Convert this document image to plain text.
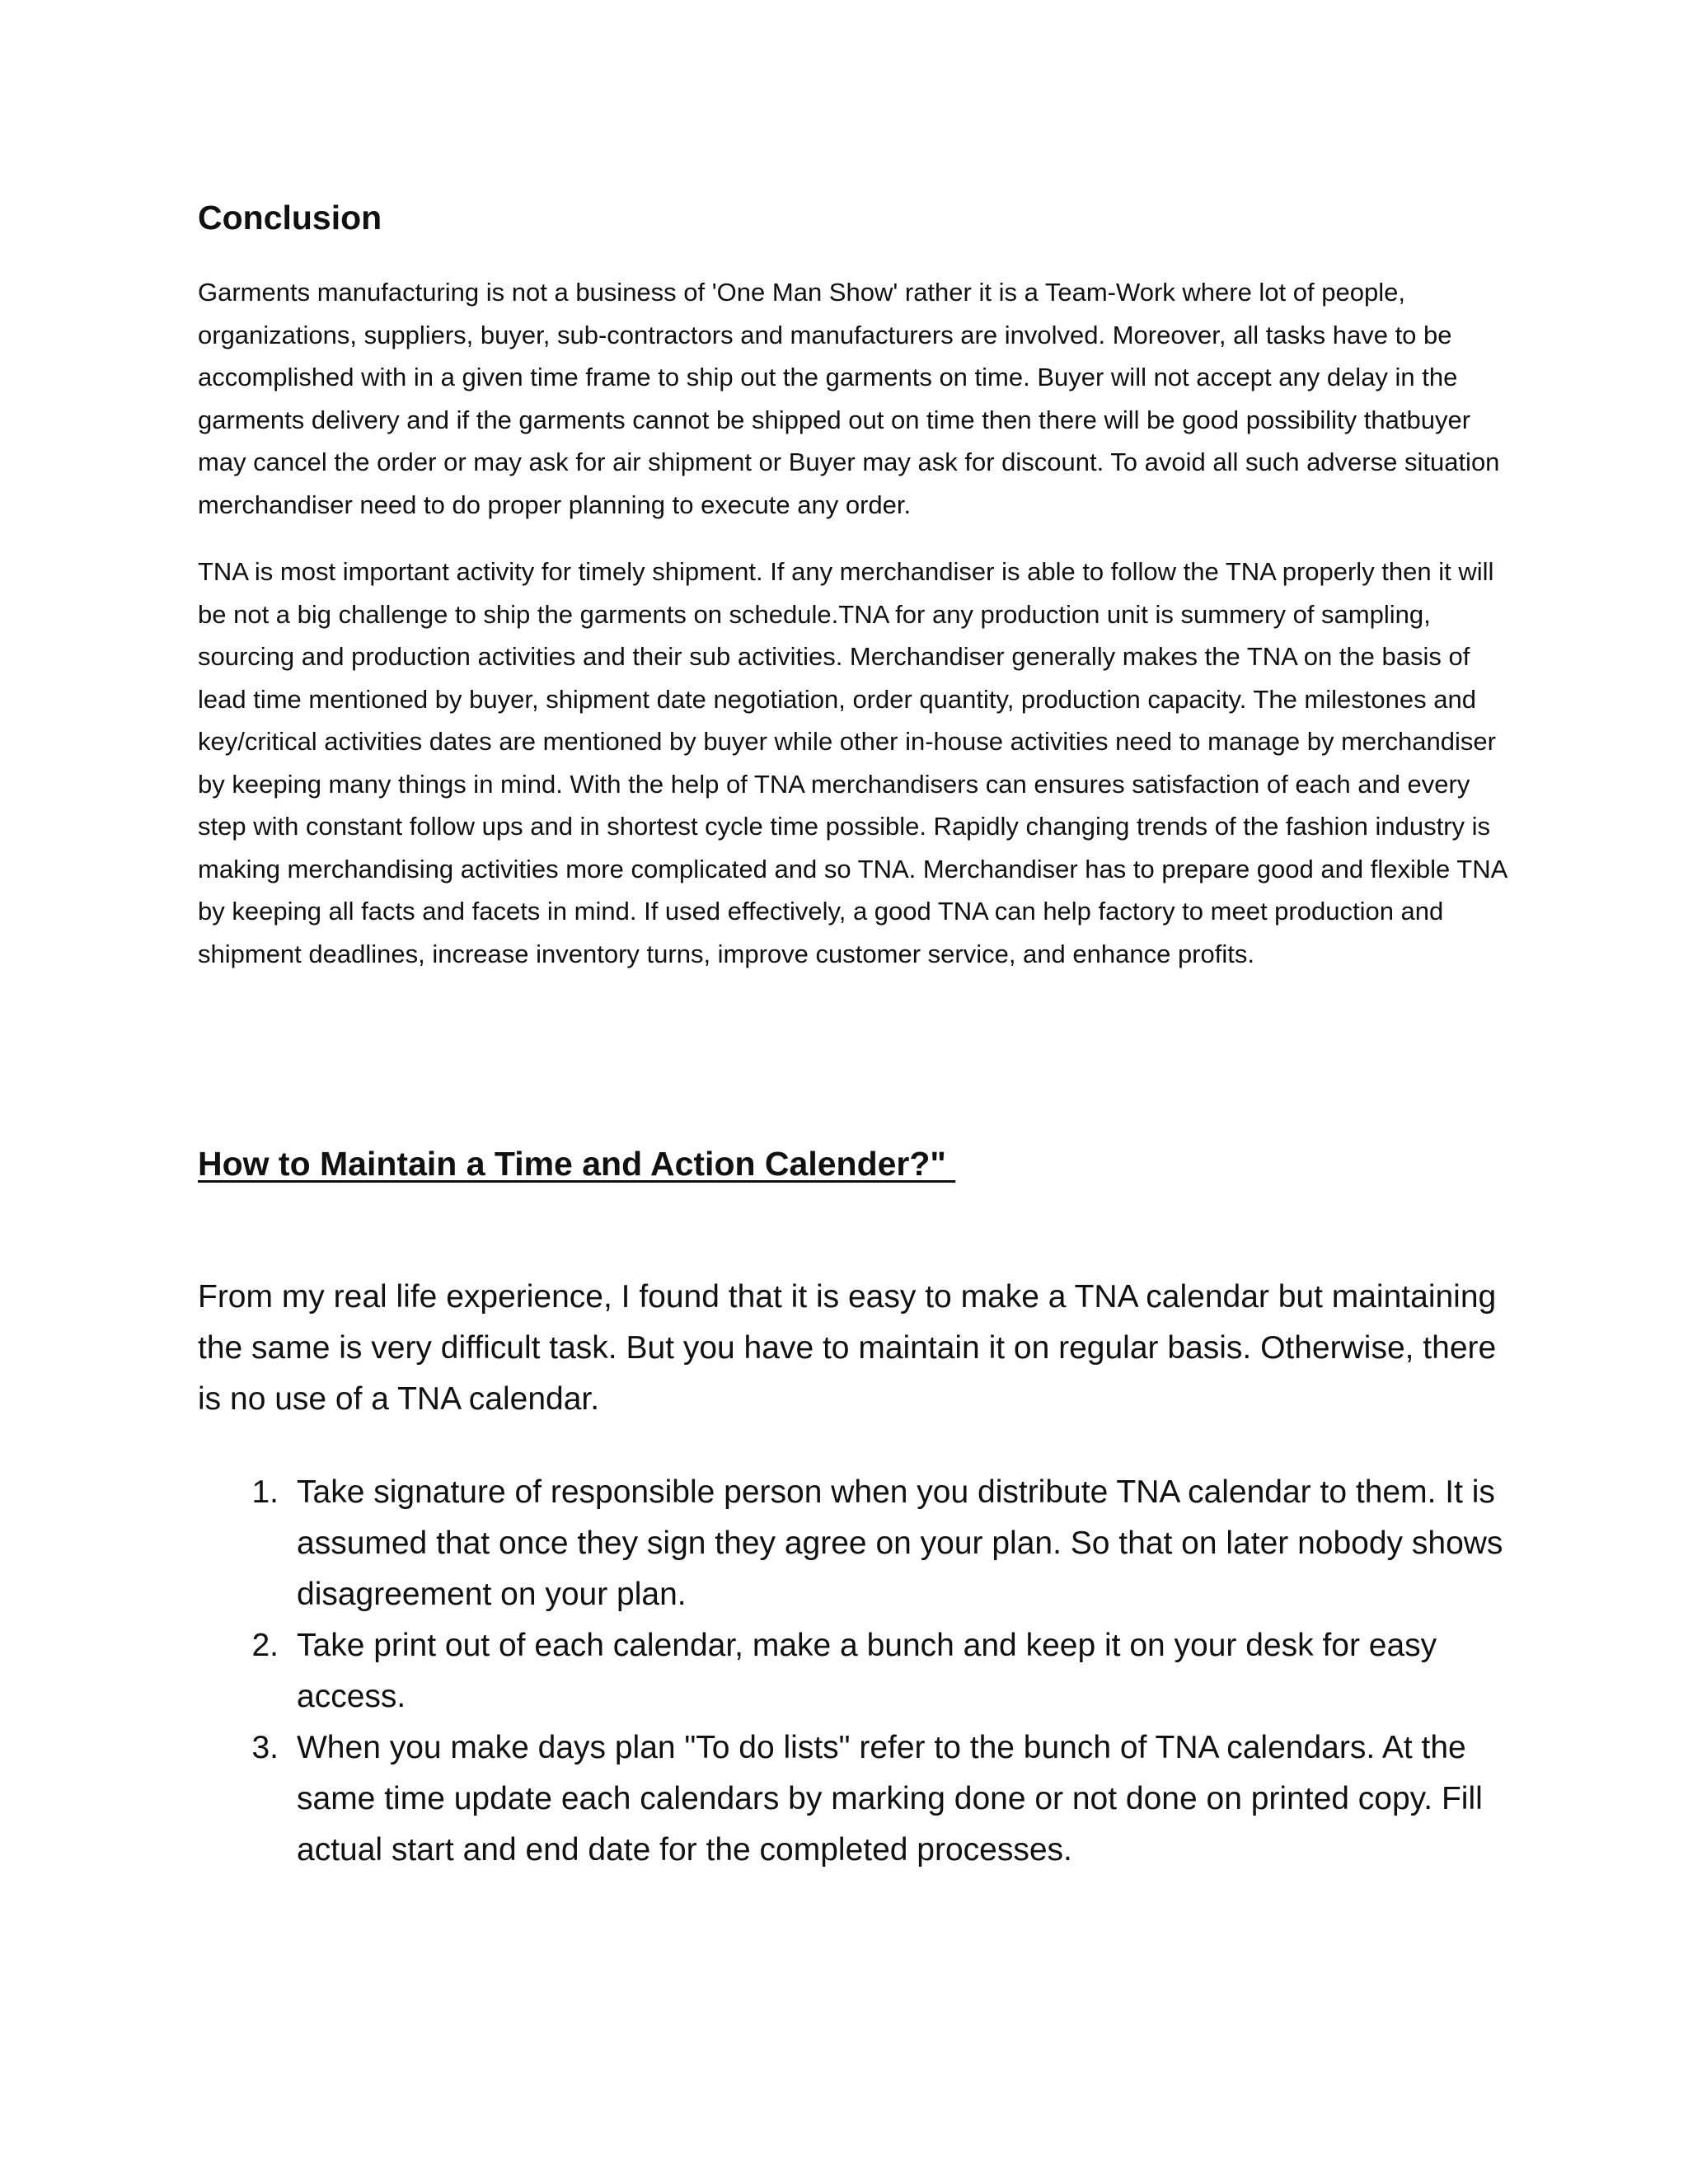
Conclusion

Garments manufacturing is not a business of 'One Man Show' rather it is a Team-Work where lot of people, organizations, suppliers, buyer, sub-contractors and manufacturers are involved. Moreover, all tasks have to be accomplished with in a given time frame to ship out the garments on time. Buyer will not accept any delay in the garments delivery and if the garments cannot be shipped out on time then there will be good possibility thatbuyer may cancel the order or may ask for air shipment or Buyer may ask for discount. To avoid all such adverse situation merchandiser need to do proper planning to execute any order.

TNA is most important activity for timely shipment. If any merchandiser is able to follow the TNA properly then it will be not a big challenge to ship the garments on schedule.TNA for any production unit is summery of sampling, sourcing and production activities and their sub activities. Merchandiser generally makes the TNA on the basis of lead time mentioned by buyer, shipment date negotiation, order quantity, production capacity. The milestones and key/critical activities dates are mentioned by buyer while other in-house activities need to manage by merchandiser by keeping many things in mind. With the help of TNA merchandisers can ensures satisfaction of each and every step with constant follow ups and in shortest cycle time possible. Rapidly changing trends of the fashion industry is making merchandising activities more complicated and so TNA. Merchandiser has to prepare good and flexible TNA by keeping all facts and facets in mind. If used effectively, a good TNA can help factory to meet production and shipment deadlines, increase inventory turns, improve customer service, and enhance profits.

How to Maintain a Time and Action Calender?"

From my real life experience, I found that it is easy to make a TNA calendar but maintaining the same is very difficult task. But you have to maintain it on regular basis. Otherwise, there is no use of a TNA calendar.

1. Take signature of responsible person when you distribute TNA calendar to them. It is assumed that once they sign they agree on your plan. So that on later nobody shows disagreement on your plan.
2. Take print out of each calendar, make a bunch and keep it on your desk for easy access.
3. When you make days plan "To do lists" refer to the bunch of TNA calendars. At the same time update each calendars by marking done or not done on printed copy. Fill actual start and end date for the completed processes.
